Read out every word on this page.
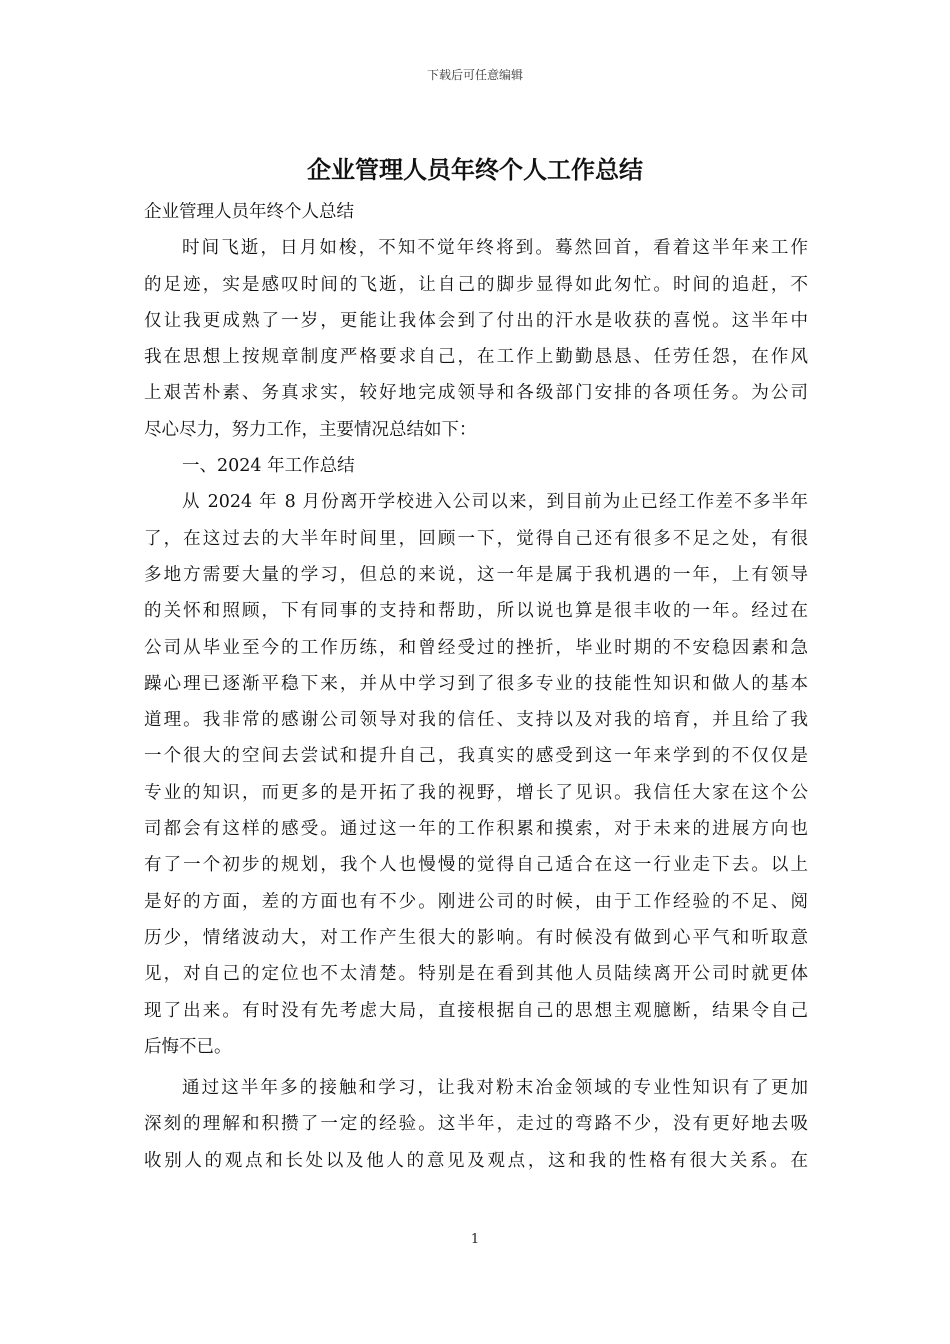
下载后可任意编辑
企业管理人员年终个人工作总结
企业管理人员年终个人总结
时间飞逝，日月如梭，不知不觉年终将到。蓦然回首，看着这半年来工作
的足迹，实是感叹时间的飞逝，让自己的脚步显得如此匆忙。时间的追赶，不
仅让我更成熟了一岁，更能让我体会到了付出的汗水是收获的喜悦。这半年中
我在思想上按规章制度严格要求自己，在工作上勤勤恳恳、任劳任怨，在作风
上艰苦朴素、务真求实，较好地完成领导和各级部门安排的各项任务。为公司
尽心尽力，努力工作，主要情况总结如下：
一、2024 年工作总结
从 2024 年 8 月份离开学校进入公司以来，到目前为止已经工作差不多半年
了，在这过去的大半年时间里，回顾一下，觉得自己还有很多不足之处，有很
多地方需要大量的学习，但总的来说，这一年是属于我机遇的一年，上有领导
的关怀和照顾，下有同事的支持和帮助，所以说也算是很丰收的一年。经过在
公司从毕业至今的工作历练，和曾经受过的挫折，毕业时期的不安稳因素和急
躁心理已逐渐平稳下来，并从中学习到了很多专业的技能性知识和做人的基本
道理。我非常的感谢公司领导对我的信任、支持以及对我的培育，并且给了我
一个很大的空间去尝试和提升自己，我真实的感受到这一年来学到的不仅仅是
专业的知识，而更多的是开拓了我的视野，增长了见识。我信任大家在这个公
司都会有这样的感受。通过这一年的工作积累和摸索，对于未来的进展方向也
有了一个初步的规划，我个人也慢慢的觉得自己适合在这一行业走下去。以上
是好的方面，差的方面也有不少。刚进公司的时候，由于工作经验的不足、阅
历少，情绪波动大，对工作产生很大的影响。有时候没有做到心平气和听取意
见，对自己的定位也不太清楚。特别是在看到其他人员陆续离开公司时就更体
现了出来。有时没有先考虑大局，直接根据自己的思想主观臆断，结果令自己
后悔不已。
通过这半年多的接触和学习，让我对粉末冶金领域的专业性知识有了更加
深刻的理解和积攒了一定的经验。这半年，走过的弯路不少，没有更好地去吸
收别人的观点和长处以及他人的意见及观点，这和我的性格有很大关系。在
1
